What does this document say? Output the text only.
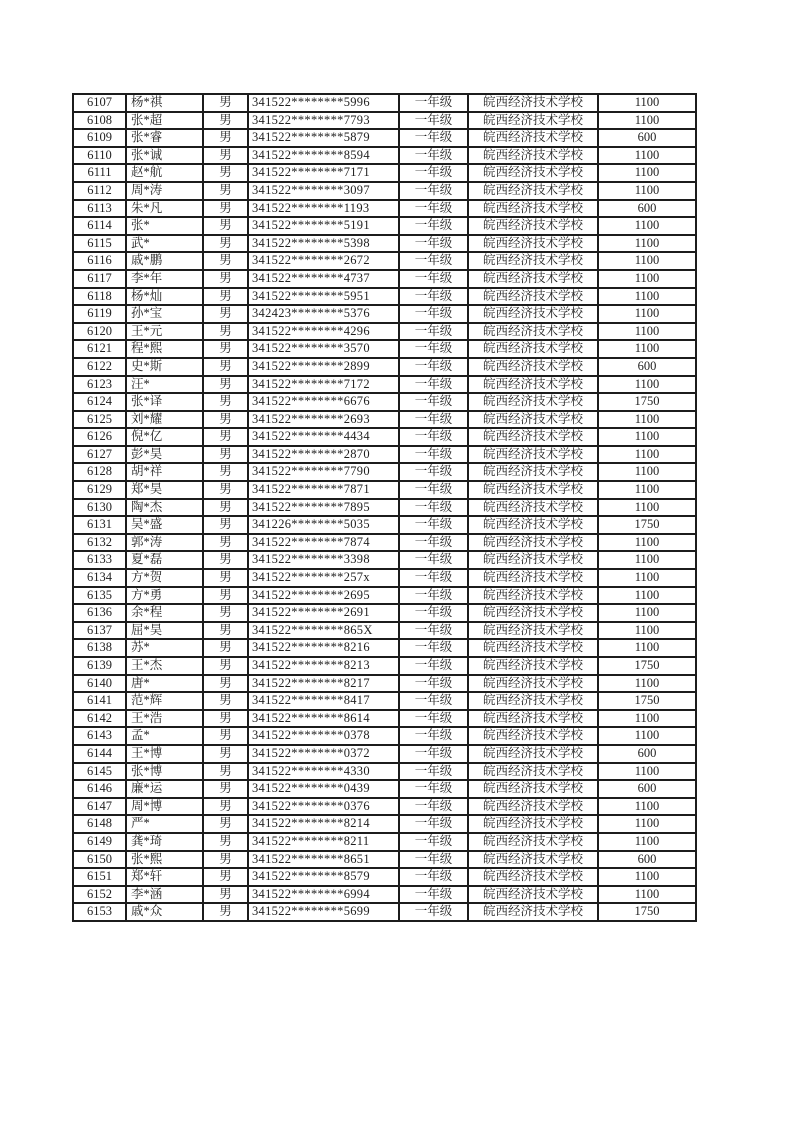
6107	杨*祺	男	341522********5996	一年级	皖西经济技术学校	1100
6108	张*超	男	341522********7793	一年级	皖西经济技术学校	1100
6109	张*睿	男	341522********5879	一年级	皖西经济技术学校	600
6110	张*诚	男	341522********8594	一年级	皖西经济技术学校	1100
6111	赵*航	男	341522********7171	一年级	皖西经济技术学校	1100
6112	周*涛	男	341522********3097	一年级	皖西经济技术学校	1100
6113	朱*凡	男	341522********1193	一年级	皖西经济技术学校	600
6114	张*	男	341522********5191	一年级	皖西经济技术学校	1100
6115	武*	男	341522********5398	一年级	皖西经济技术学校	1100
6116	戚*鹏	男	341522********2672	一年级	皖西经济技术学校	1100
6117	李*年	男	341522********4737	一年级	皖西经济技术学校	1100
6118	杨*灿	男	341522********5951	一年级	皖西经济技术学校	1100
6119	孙*宝	男	342423********5376	一年级	皖西经济技术学校	1100
6120	王*元	男	341522********4296	一年级	皖西经济技术学校	1100
6121	程*熙	男	341522********3570	一年级	皖西经济技术学校	1100
6122	史*斯	男	341522********2899	一年级	皖西经济技术学校	600
6123	汪*	男	341522********7172	一年级	皖西经济技术学校	1100
6124	张*译	男	341522********6676	一年级	皖西经济技术学校	1750
6125	刘*耀	男	341522********2693	一年级	皖西经济技术学校	1100
6126	倪*亿	男	341522********4434	一年级	皖西经济技术学校	1100
6127	彭*昊	男	341522********2870	一年级	皖西经济技术学校	1100
6128	胡*祥	男	341522********7790	一年级	皖西经济技术学校	1100
6129	郑*昊	男	341522********7871	一年级	皖西经济技术学校	1100
6130	陶*杰	男	341522********7895	一年级	皖西经济技术学校	1100
6131	吴*盛	男	341226********5035	一年级	皖西经济技术学校	1750
6132	郭*涛	男	341522********7874	一年级	皖西经济技术学校	1100
6133	夏*磊	男	341522********3398	一年级	皖西经济技术学校	1100
6134	方*贺	男	341522********257x	一年级	皖西经济技术学校	1100
6135	方*勇	男	341522********2695	一年级	皖西经济技术学校	1100
6136	余*程	男	341522********2691	一年级	皖西经济技术学校	1100
6137	屈*昊	男	341522********865X	一年级	皖西经济技术学校	1100
6138	苏*	男	341522********8216	一年级	皖西经济技术学校	1100
6139	王*杰	男	341522********8213	一年级	皖西经济技术学校	1750
6140	唐*	男	341522********8217	一年级	皖西经济技术学校	1100
6141	范*辉	男	341522********8417	一年级	皖西经济技术学校	1750
6142	王*浩	男	341522********8614	一年级	皖西经济技术学校	1100
6143	孟*	男	341522********0378	一年级	皖西经济技术学校	1100
6144	王*博	男	341522********0372	一年级	皖西经济技术学校	600
6145	张*博	男	341522********4330	一年级	皖西经济技术学校	1100
6146	廉*运	男	341522********0439	一年级	皖西经济技术学校	600
6147	周*博	男	341522********0376	一年级	皖西经济技术学校	1100
6148	严*	男	341522********8214	一年级	皖西经济技术学校	1100
6149	龚*琦	男	341522********8211	一年级	皖西经济技术学校	1100
6150	张*熙	男	341522********8651	一年级	皖西经济技术学校	600
6151	郑*轩	男	341522********8579	一年级	皖西经济技术学校	1100
6152	李*涵	男	341522********6994	一年级	皖西经济技术学校	1100
6153	戚*众	男	341522********5699	一年级	皖西经济技术学校	1750
